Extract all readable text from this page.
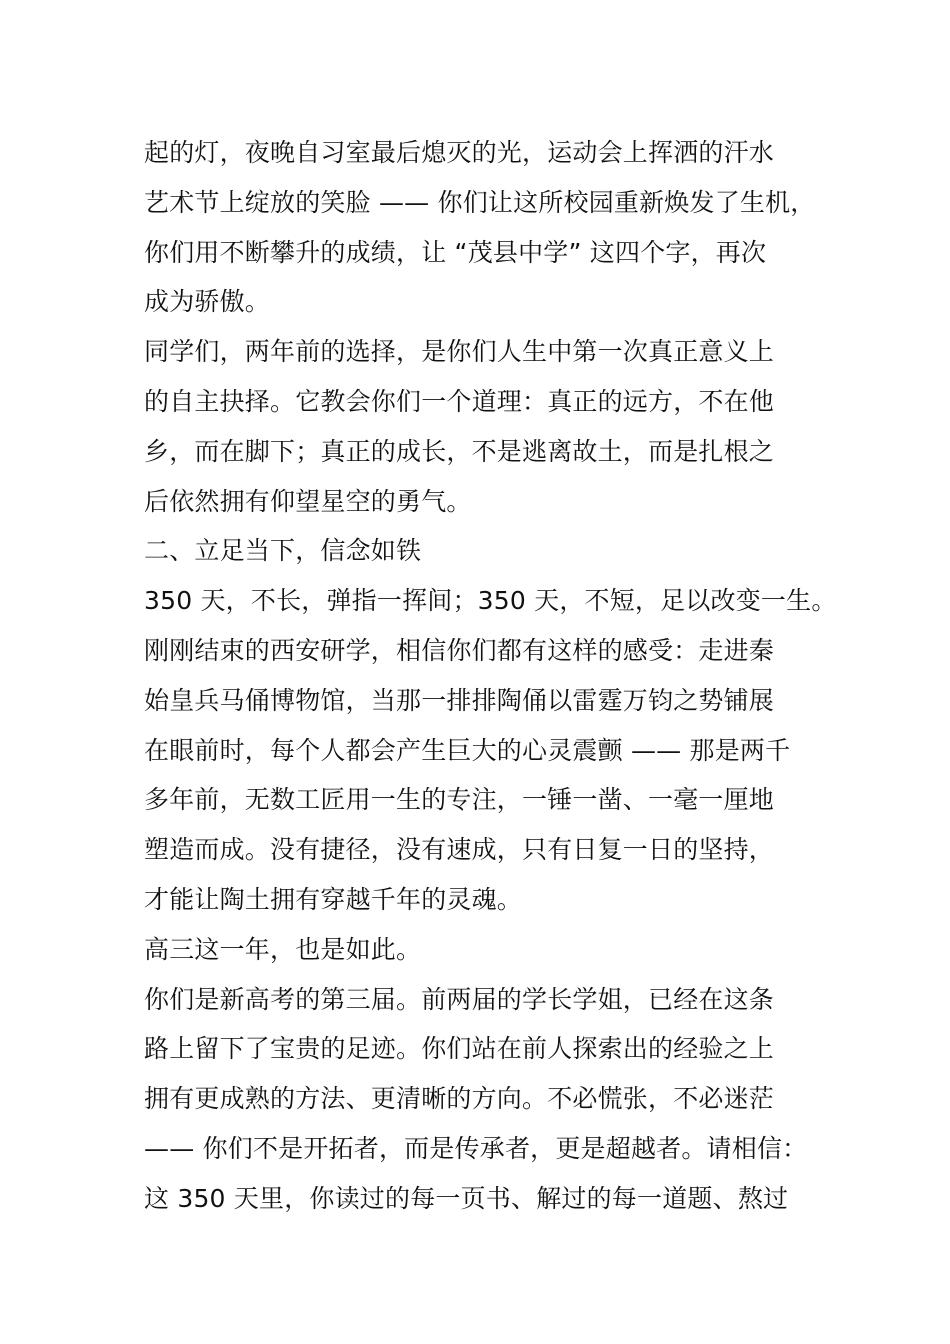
起的灯，夜晚自习室最后熄灭的光，运动会上挥洒的汗水
艺术节上绽放的笑脸 —— 你们让这所校园重新焕发了生机，
你们用不断攀升的成绩，让 “茂县中学” 这四个字，再次
成为骄傲。
同学们，两年前的选择，是你们人生中第一次真正意义上
的自主抉择。它教会你们一个道理：真正的远方，不在他
乡，而在脚下；真正的成长，不是逃离故土，而是扎根之
后依然拥有仰望星空的勇气。
二、立足当下，信念如铁
350 天，不长，弹指一挥间；350 天，不短，足以改变一生。
刚刚结束的西安研学，相信你们都有这样的感受：走进秦
始皇兵马俑博物馆，当那一排排陶俑以雷霆万钧之势铺展
在眼前时，每个人都会产生巨大的心灵震颤 —— 那是两千
多年前，无数工匠用一生的专注，一锤一凿、一毫一厘地
塑造而成。没有捷径，没有速成，只有日复一日的坚持，
才能让陶土拥有穿越千年的灵魂。
高三这一年，也是如此。
你们是新高考的第三届。前两届的学长学姐，已经在这条
路上留下了宝贵的足迹。你们站在前人探索出的经验之上
拥有更成熟的方法、更清晰的方向。不必慌张，不必迷茫
—— 你们不是开拓者，而是传承者，更是超越者。请相信：
这 350 天里，你读过的每一页书、解过的每一道题、熬过
